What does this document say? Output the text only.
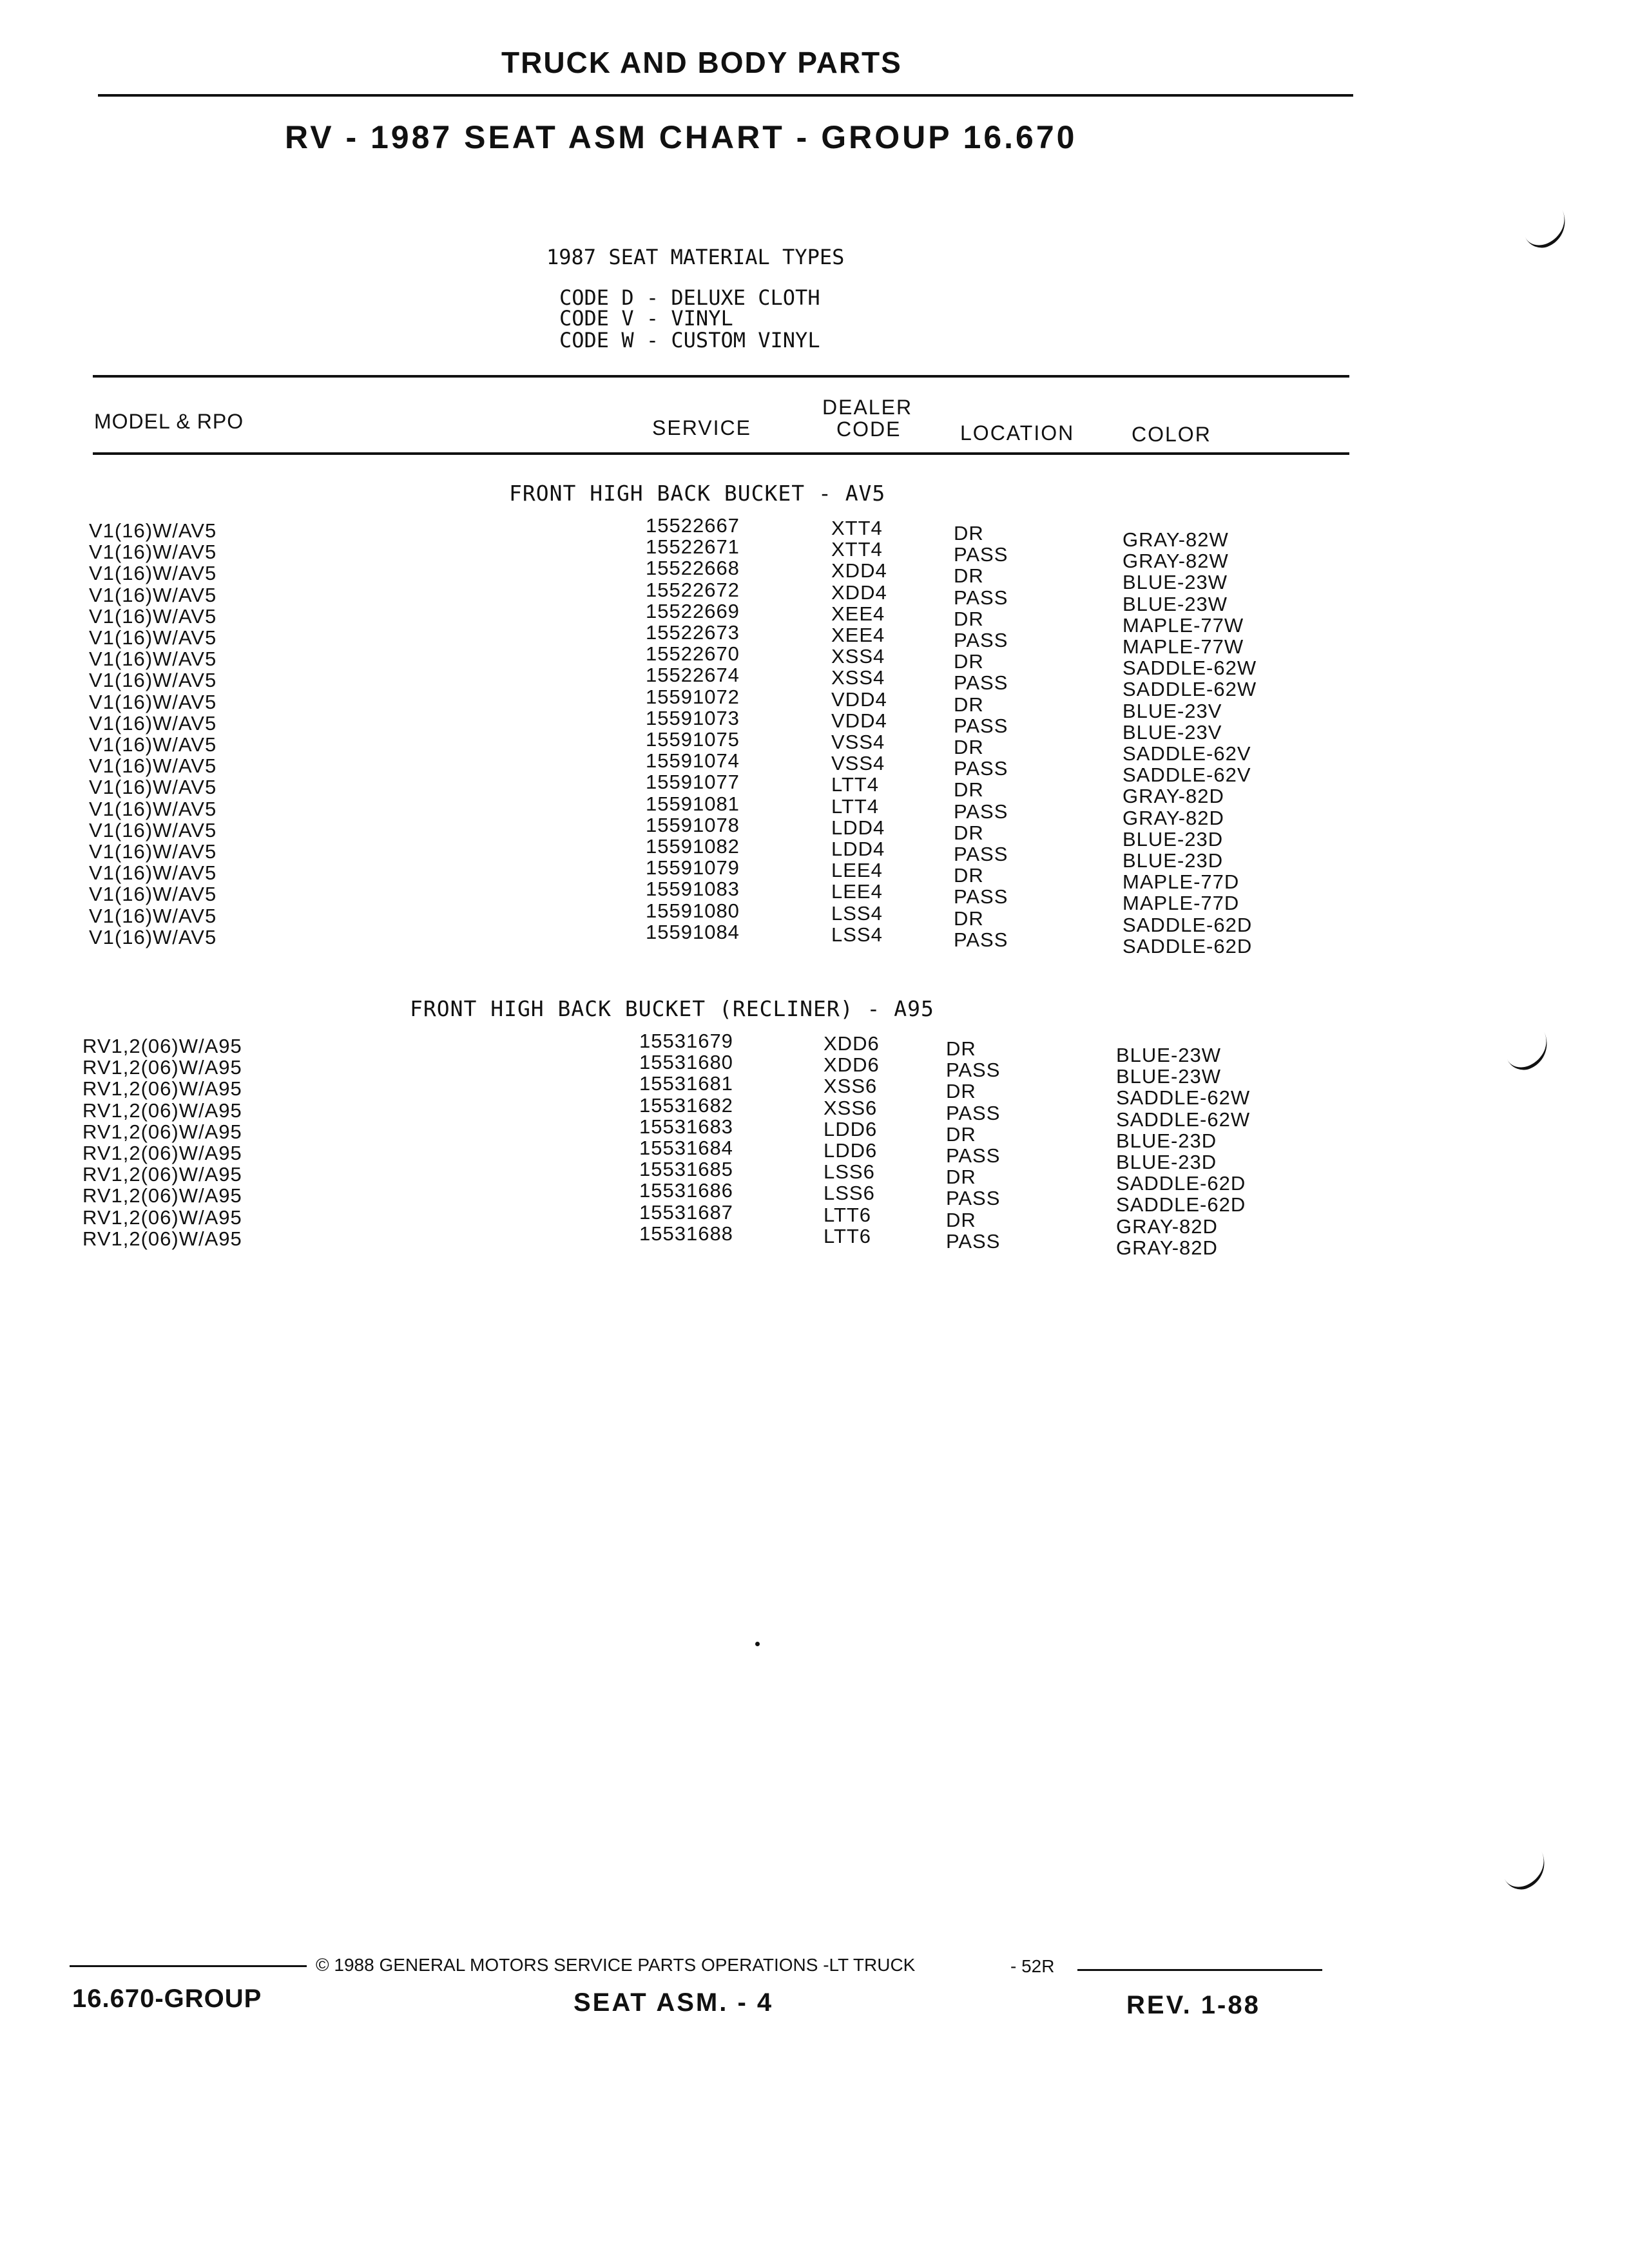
TRUCK AND BODY PARTS
RV - 1987 SEAT ASM CHART - GROUP 16.670
1987 SEAT MATERIAL TYPES
CODE D - DELUXE CLOTH
CODE V - VINYL
CODE W - CUSTOM VINYL
MODEL & RPO	SERVICE
DEALER
CODE	LOCATION	COLOR
FRONT HIGH BACK BUCKET - AV5
V1(16)W/AV5	15522667	XTT4	DR	GRAY-82W
V1(16)W/AV5	15522671	XTT4	PASS	GRAY-82W
V1(16)W/AV5	15522668	XDD4	DR	BLUE-23W
V1(16)W/AV5	15522672	XDD4	PASS	BLUE-23W
V1(16)W/AV5	15522669	XEE4	DR	MAPLE-77W
V1(16)W/AV5	15522673	XEE4	PASS	MAPLE-77W
V1(16)W/AV5	15522670	XSS4	DR	SADDLE-62W
V1(16)W/AV5	15522674	XSS4	PASS	SADDLE-62W
V1(16)W/AV5	15591072	VDD4	DR	BLUE-23V
V1(16)W/AV5	15591073	VDD4	PASS	BLUE-23V
V1(16)W/AV5	15591075	VSS4	DR	SADDLE-62V
V1(16)W/AV5	15591074	VSS4	PASS	SADDLE-62V
V1(16)W/AV5	15591077	LTT4	DR	GRAY-82D
V1(16)W/AV5	15591081	LTT4	PASS	GRAY-82D
V1(16)W/AV5	15591078	LDD4	DR	BLUE-23D
V1(16)W/AV5	15591082	LDD4	PASS	BLUE-23D
V1(16)W/AV5	15591079	LEE4	DR	MAPLE-77D
V1(16)W/AV5	15591083	LEE4	PASS	MAPLE-77D
V1(16)W/AV5	15591080	LSS4	DR	SADDLE-62D
V1(16)W/AV5	15591084	LSS4	PASS	SADDLE-62D
FRONT HIGH BACK BUCKET (RECLINER) - A95
RV1,2(06)W/A95	15531679	XDD6	DR	BLUE-23W
RV1,2(06)W/A95	15531680	XDD6	PASS	BLUE-23W
RV1,2(06)W/A95	15531681	XSS6	DR	SADDLE-62W
RV1,2(06)W/A95	15531682	XSS6	PASS	SADDLE-62W
RV1,2(06)W/A95	15531683	LDD6	DR	BLUE-23D
RV1,2(06)W/A95	15531684	LDD6	PASS	BLUE-23D
RV1,2(06)W/A95	15531685	LSS6	DR	SADDLE-62D
RV1,2(06)W/A95	15531686	LSS6	PASS	SADDLE-62D
RV1,2(06)W/A95	15531687	LTT6	DR	GRAY-82D
RV1,2(06)W/A95	15531688	LTT6	PASS	GRAY-82D
© 1988 GENERAL MOTORS SERVICE PARTS OPERATIONS -LT TRUCK	- 52R
16.670-GROUP	SEAT ASM. - 4	REV. 1-88
